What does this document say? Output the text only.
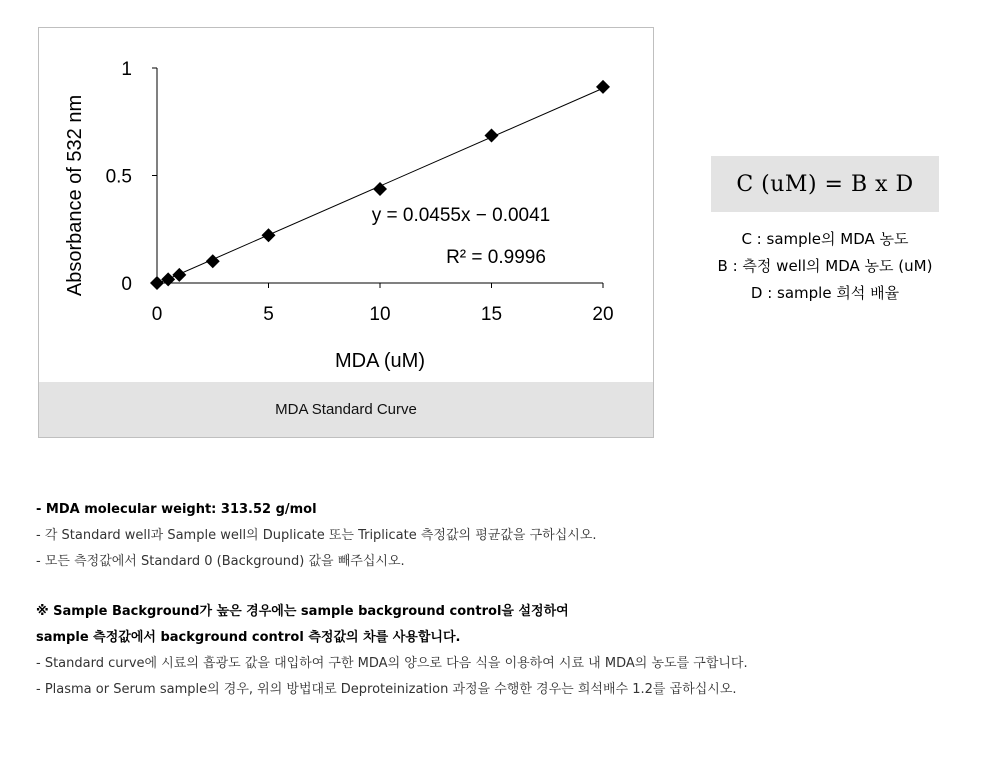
0	5	10	15	20
0
0.5
1
MDA (uM)
Absorbance of 532 nm	y = 0.0455x − 0.0041
R² = 0.9996
MDA Standard Curve
C (uM) = B x D
C : sample의 MDA 농도
B : 측정 well의 MDA 농도 (uM)
D : sample 희석 배율
- MDA molecular weight: 313.52 g/mol
- 각 Standard well과 Sample well의 Duplicate 또는 Triplicate 측정값의 평균값을 구하십시오.
- 모든 측정값에서 Standard 0 (Background) 값을 빼주십시오.
※ Sample Background가 높은 경우에는 sample background control을 설정하여
sample 측정값에서 background control 측정값의 차를 사용합니다.
- Standard curve에 시료의 흡광도 값을 대입하여 구한 MDA의 양으로 다음 식을 이용하여 시료 내 MDA의 농도를 구합니다.
- Plasma or Serum sample의 경우, 위의 방법대로 Deproteinization 과정을 수행한 경우는 희석배수 1.2를 곱하십시오.
